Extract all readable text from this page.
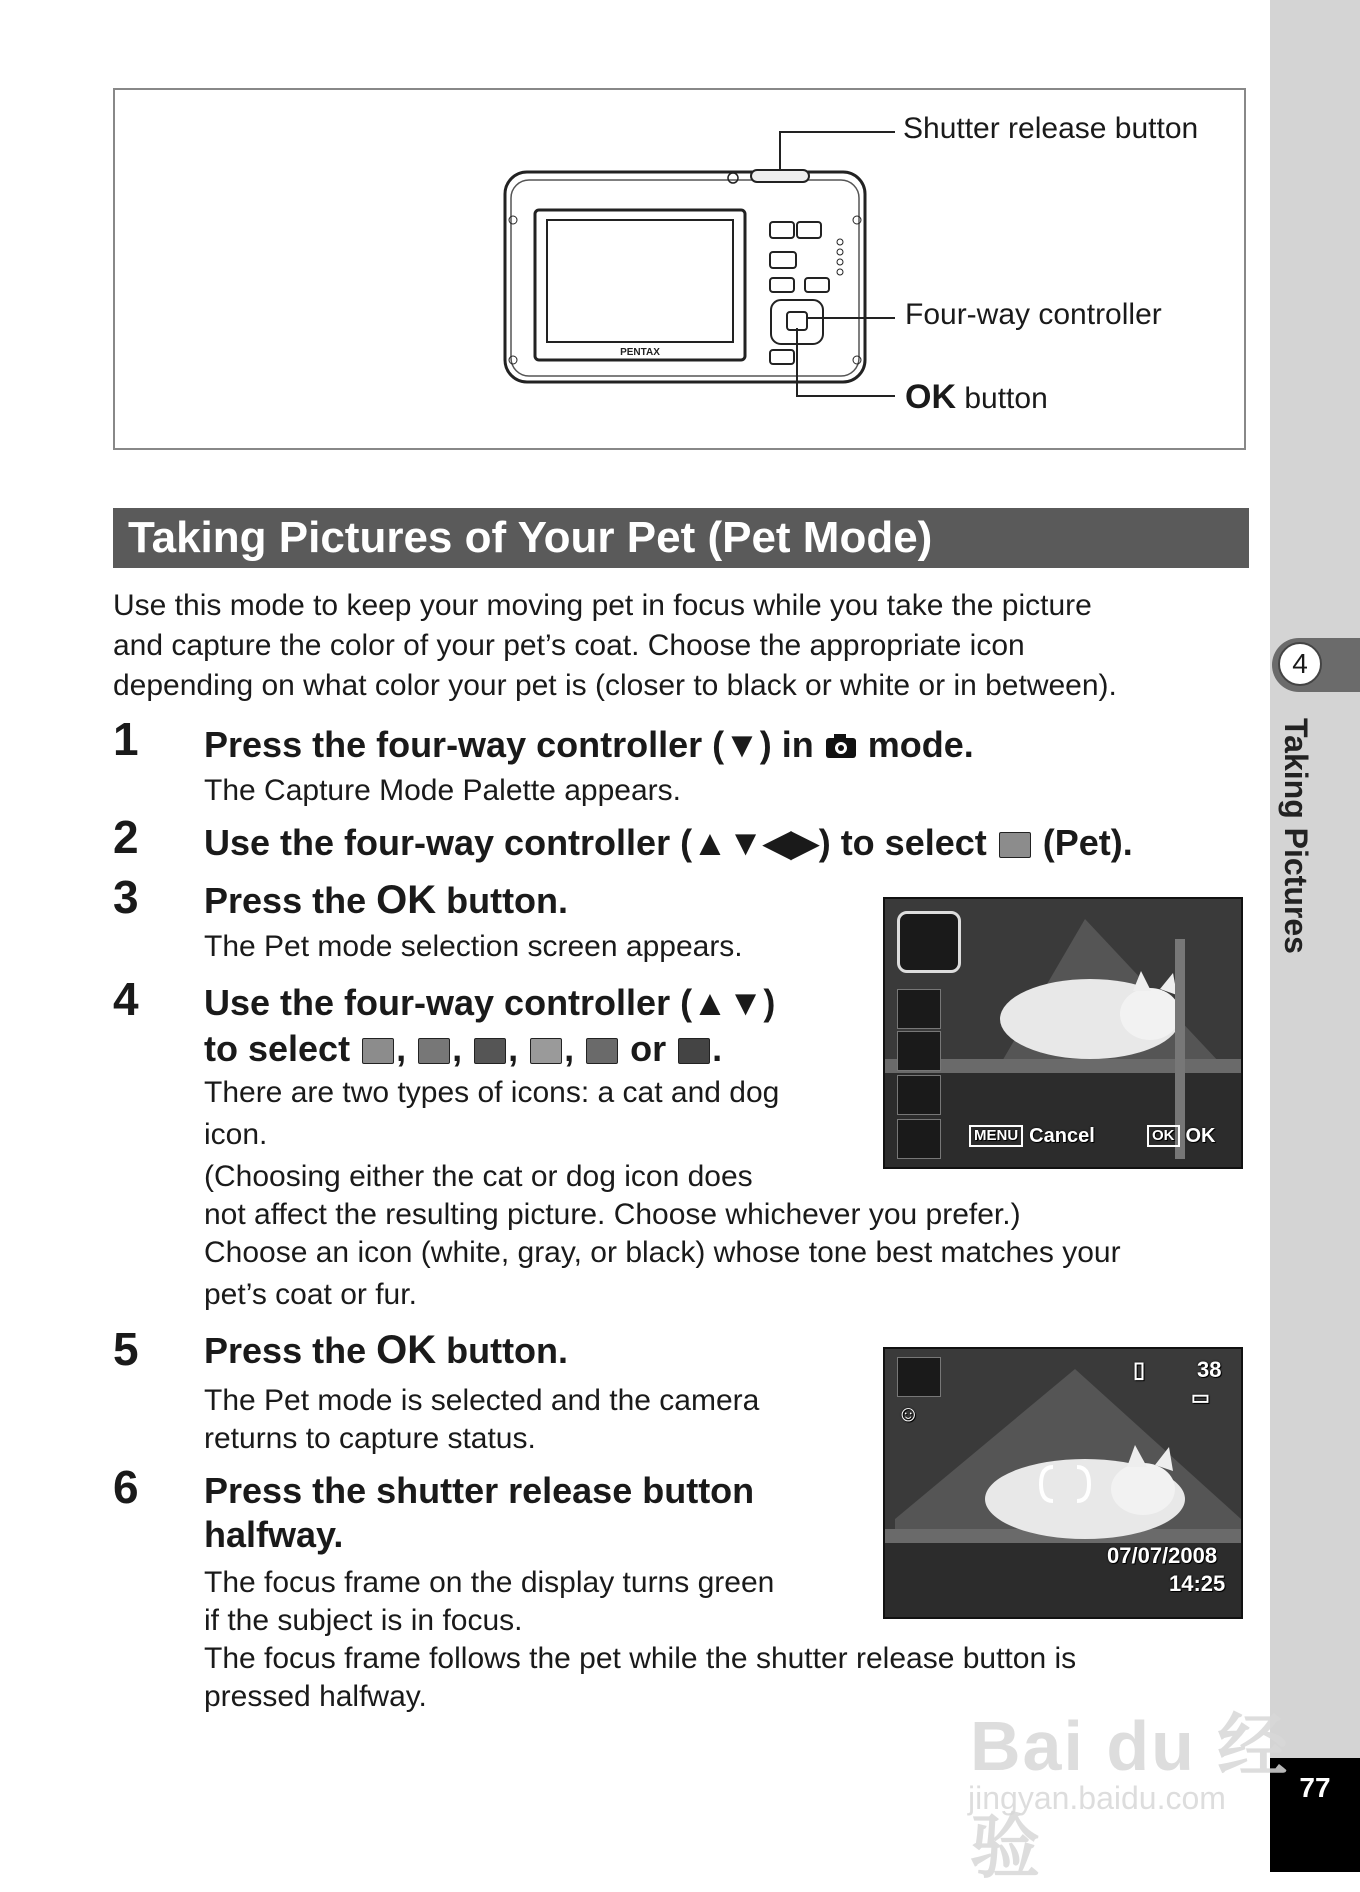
4
Taking Pictures
77
PENTAX
Shutter release button
Four-way controller
OK button
Taking Pictures of Your Pet (Pet Mode)
Use this mode to keep your moving pet in focus while you take the picture
and capture the color of your pet’s coat. Choose the appropriate icon
depending on what color your pet is (closer to black or white or in between).
1 Press the four-way controller (▼) in  mode.
The Capture Mode Palette appears.
2 Use the four-way controller (▲▼◀▶) to select  (Pet).
3 Press the OK button.
The Pet mode selection screen appears.
4 Use the four-way controller (▲▼)
to select , , , ,  or .
There are two types of icons: a cat and dog
icon.
(Choosing either the cat or dog icon does
not affect the resulting picture. Choose whichever you prefer.)
Choose an icon (white, gray, or black) whose tone best matches your
pet’s coat or fur.
5 Press the OK button.
The Pet mode is selected and the camera
returns to capture status.
6 Press the shutter release button
halfway.
The focus frame on the display turns green
if the subject is in focus.
The focus frame follows the pet while the shutter release button is
pressed halfway.
MENU Cancel	OK OK
☺
▯ 38
▭
07/07/2008
14:25
Bai du 经验
jingyan.baidu.com
